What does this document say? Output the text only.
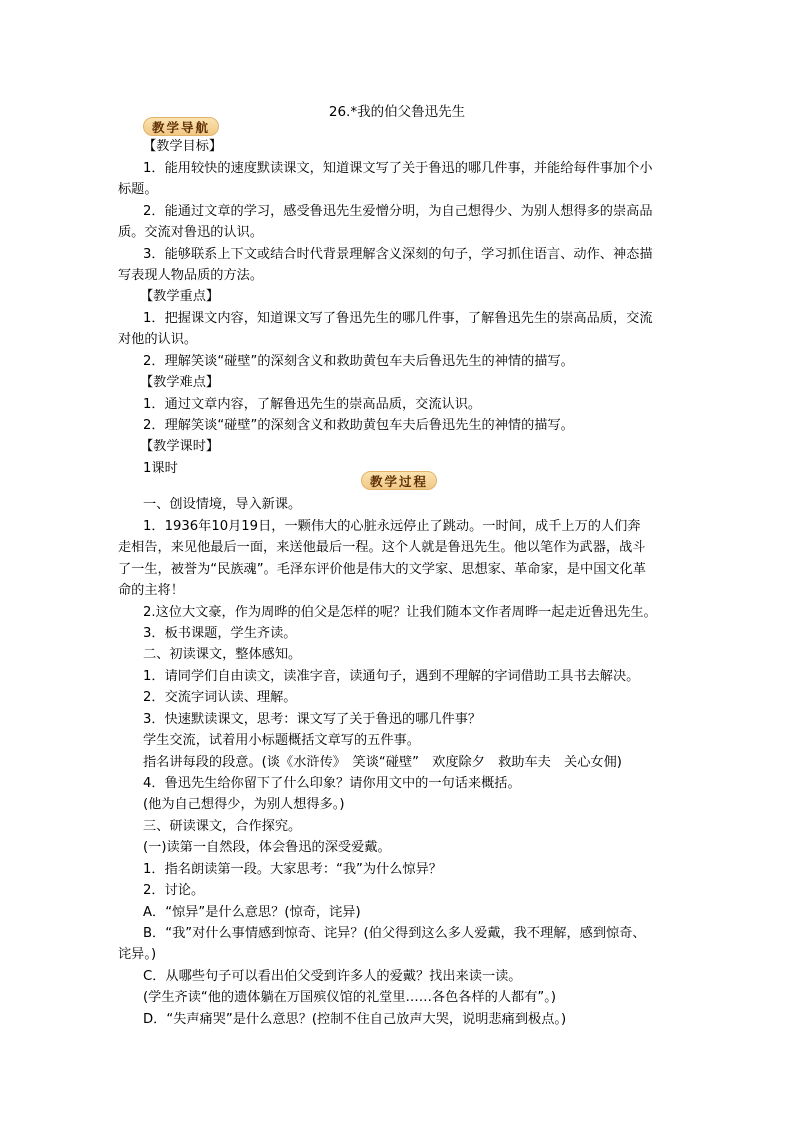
26.*我的伯父鲁迅先生
教学导航
教学过程
【教学目标】
1．能用较快的速度默读课文，知道课文写了关于鲁迅的哪几件事，并能给每件事加个小
标题。
2．能通过文章的学习，感受鲁迅先生爱憎分明，为自己想得少、为别人想得多的崇高品
质。交流对鲁迅的认识。
3．能够联系上下文或结合时代背景理解含义深刻的句子，学习抓住语言、动作、神态描
写表现人物品质的方法。
【教学重点】
1．把握课文内容，知道课文写了鲁迅先生的哪几件事，了解鲁迅先生的崇高品质，交流
对他的认识。
2．理解笑谈“碰壁”的深刻含义和救助黄包车夫后鲁迅先生的神情的描写。
【教学难点】
1．通过文章内容，了解鲁迅先生的崇高品质，交流认识。
2．理解笑谈“碰壁”的深刻含义和救助黄包车夫后鲁迅先生的神情的描写。
【教学课时】
1课时
一、创设情境，导入新课。
1．1936年10月19日，一颗伟大的心脏永远停止了跳动。一时间，成千上万的人们奔
走相告，来见他最后一面，来送他最后一程。这个人就是鲁迅先生。他以笔作为武器，战斗
了一生，被誉为“民族魂”。毛泽东评价他是伟大的文学家、思想家、革命家，是中国文化革
命的主将！
2.这位大文豪，作为周晔的伯父是怎样的呢？让我们随本文作者周晔一起走近鲁迅先生。
3．板书课题，学生齐读。
二、初读课文，整体感知。
1．请同学们自由读文，读准字音，读通句子，遇到不理解的字词借助工具书去解决。
2．交流字词认读、理解。
3．快速默读课文，思考：课文写了关于鲁迅的哪几件事？
学生交流，试着用小标题概括文章写的五件事。
指名讲每段的段意。(谈《水浒传》　笑谈“碰壁”　欢度除夕　救助车夫　关心女佣)
4．鲁迅先生给你留下了什么印象？请你用文中的一句话来概括。
(他为自己想得少，为别人想得多。)
三、研读课文，合作探究。
(一)读第一自然段，体会鲁迅的深受爱戴。
1．指名朗读第一段。大家思考：“我”为什么惊异？
2．讨论。
A．“惊异”是什么意思？(惊奇，诧异)
B．“我”对什么事情感到惊奇、诧异？(伯父得到这么多人爱戴，我不理解，感到惊奇、
诧异。)
C．从哪些句子可以看出伯父受到许多人的爱戴？找出来读一读。
(学生齐读“他的遗体躺在万国殡仪馆的礼堂里……各色各样的人都有”。)
D．“失声痛哭”是什么意思？(控制不住自己放声大哭，说明悲痛到极点。)
